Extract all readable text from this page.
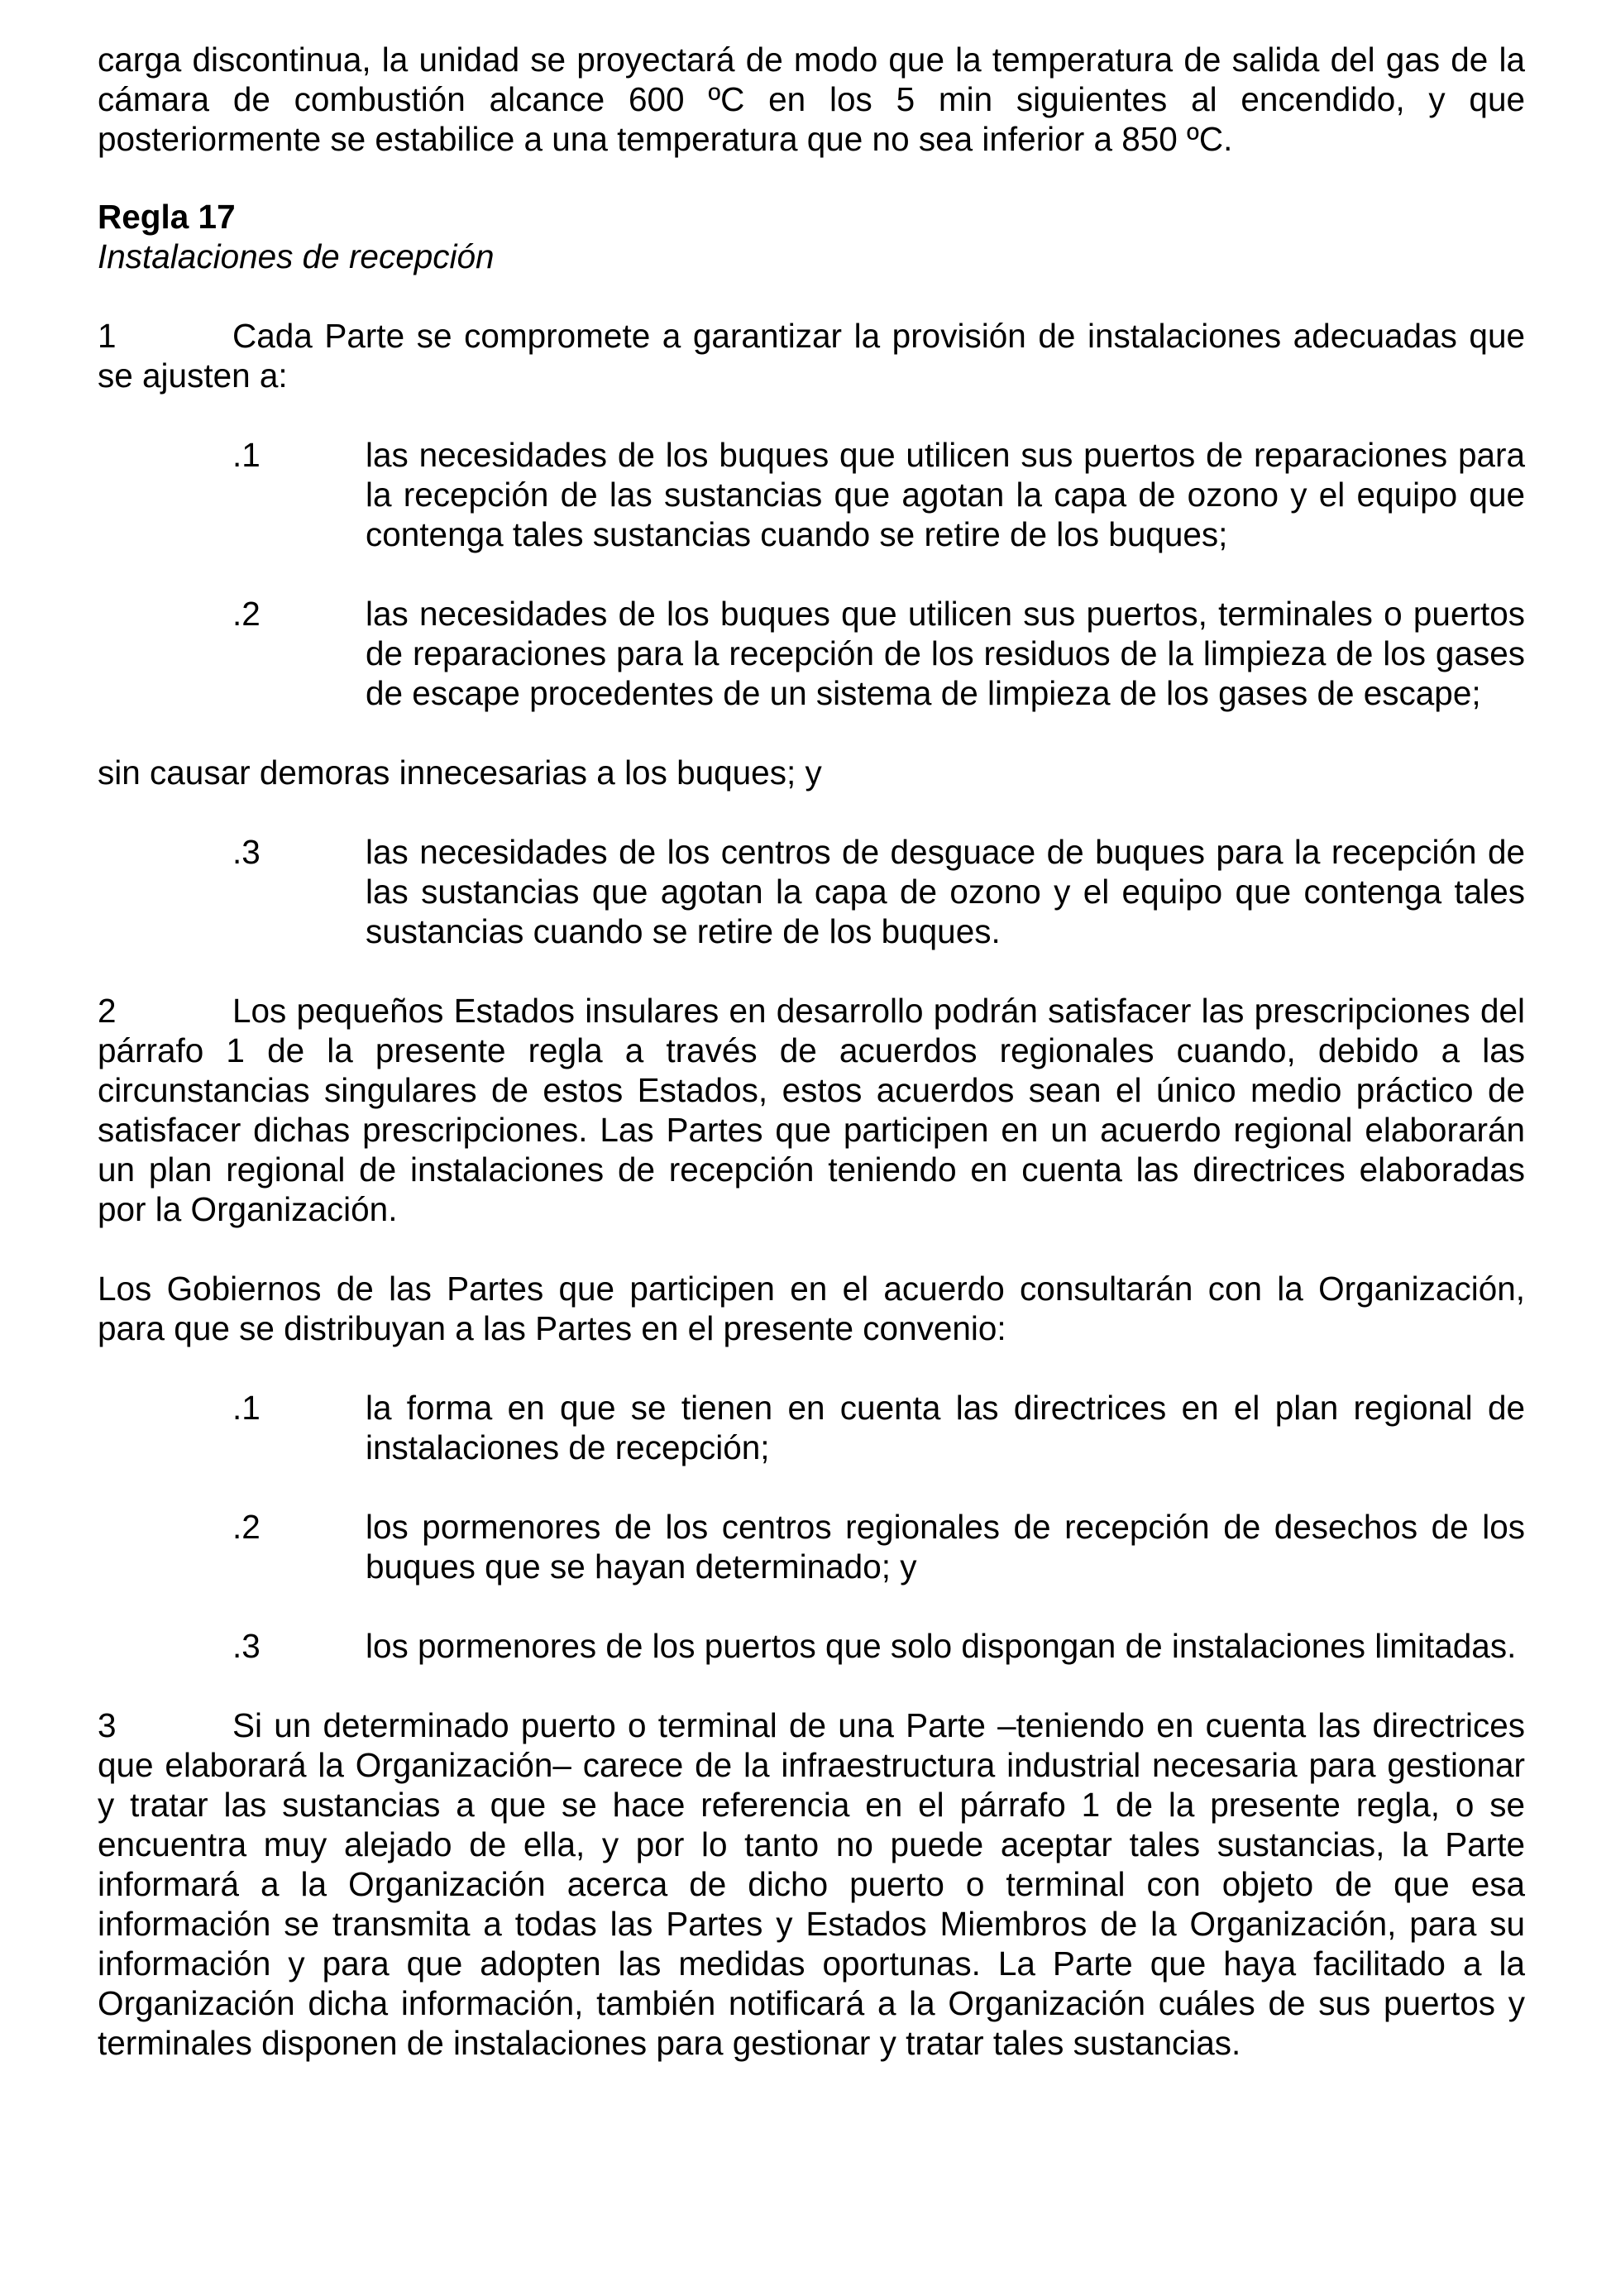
carga discontinua, la unidad se proyectará de modo que la temperatura de salida del gas de la cámara de combustión alcance 600 ºC en los 5 min siguientes al encendido, y que posteriormente se estabilice a una temperatura que no sea inferior a 850 ºC.

Regla 17
Instalaciones de recepción

1	Cada Parte se compromete a garantizar la provisión de instalaciones adecuadas que se ajusten a:

.1	las necesidades de los buques que utilicen sus puertos de reparaciones para la recepción de las sustancias que agotan la capa de ozono y el equipo que contenga tales sustancias cuando se retire de los buques;
.2	las necesidades de los buques que utilicen sus puertos, terminales o puertos de reparaciones para la recepción de los residuos de la limpieza de los gases de escape procedentes de un sistema de limpieza de los gases de escape;

sin causar demoras innecesarias a los buques; y

.3	las necesidades de los centros de desguace de buques para la recepción de las sustancias que agotan la capa de ozono y el equipo que contenga tales sustancias cuando se retire de los buques.

2	Los pequeños Estados insulares en desarrollo podrán satisfacer las prescripciones del párrafo 1 de la presente regla a través de acuerdos regionales cuando, debido a las circunstancias singulares de estos Estados, estos acuerdos sean el único medio práctico de satisfacer dichas prescripciones. Las Partes que participen en un acuerdo regional elaborarán un plan regional de instalaciones de recepción teniendo en cuenta las directrices elaboradas por la Organización.

Los Gobiernos de las Partes que participen en el acuerdo consultarán con la Organización, para que se distribuyan a las Partes en el presente convenio:

.1	la forma en que se tienen en cuenta las directrices en el plan regional de instalaciones de recepción;
.2	los pormenores de los centros regionales de recepción de desechos de los buques que se hayan determinado; y
.3	los pormenores de los puertos que solo dispongan de instalaciones limitadas.

3	Si un determinado puerto o terminal de una Parte –teniendo en cuenta las directrices que elaborará la Organización– carece de la infraestructura industrial necesaria para gestionar y tratar las sustancias a que se hace referencia en el párrafo 1 de la presente regla, o se encuentra muy alejado de ella, y por lo tanto no puede aceptar tales sustancias, la Parte informará a la Organización acerca de dicho puerto o terminal con objeto de que esa información se transmita a todas las Partes y Estados Miembros de la Organización, para su información y para que adopten las medidas oportunas. La Parte que haya facilitado a la Organización dicha información, también notificará a la Organización cuáles de sus puertos y terminales disponen de instalaciones para gestionar y tratar tales sustancias.
